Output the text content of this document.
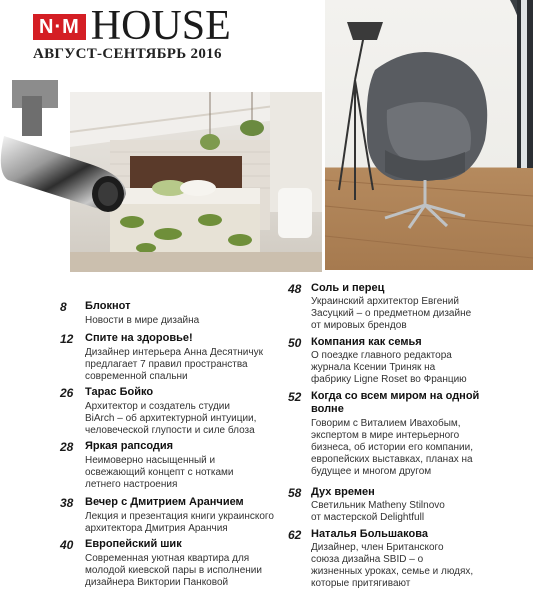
N·M HOUSE
АВГУСТ-СЕНТЯБРЬ 2016
8 Блокнот
Новости в мире дизайна
12 Спите на здоровье!
Дизайнер интерьера Анна Десятничук
предлагает 7 правил пространства
современной спальни
26 Тарас Бойко
Архитектор и создатель студии
BiArch – об архитектурной интуиции,
человеческой глупости и силе блоза
28 Яркая рапсодия
Неимоверно насыщенный и
освежающий концепт с нотками
летнего настроения
38 Вечер с Дмитрием Аранчием
Лекция и презентация книги украинского
архитектора Дмитрия Аранчия
40 Европейский шик
Современная уютная квартира для
молодой киевской пары в исполнении
дизайнера Виктории Панковой
48 Соль и перец
Украинский архитектор Евгений
Засуцкий – о предметном дизайне
от мировых брендов
50 Компания как семья
О поездке главного редактора
журнала Ксении Триняк на
фабрику Ligne Roset во Францию
52 Когда со всем миром на одной
волне
Говорим с Виталием Ивахобым,
экспертом в мире интерьерного
бизнеса, об истории его компании,
европейских выставках, планах на
будущее и многом другом
58 Дух времен
Светильник Matheny Stilnovo
от мастерской Delightfull
62 Наталья Большакова
Дизайнер, член Британского
союза дизайна SBID – о
жизненных уроках, семье и людях,
которые притягивают
